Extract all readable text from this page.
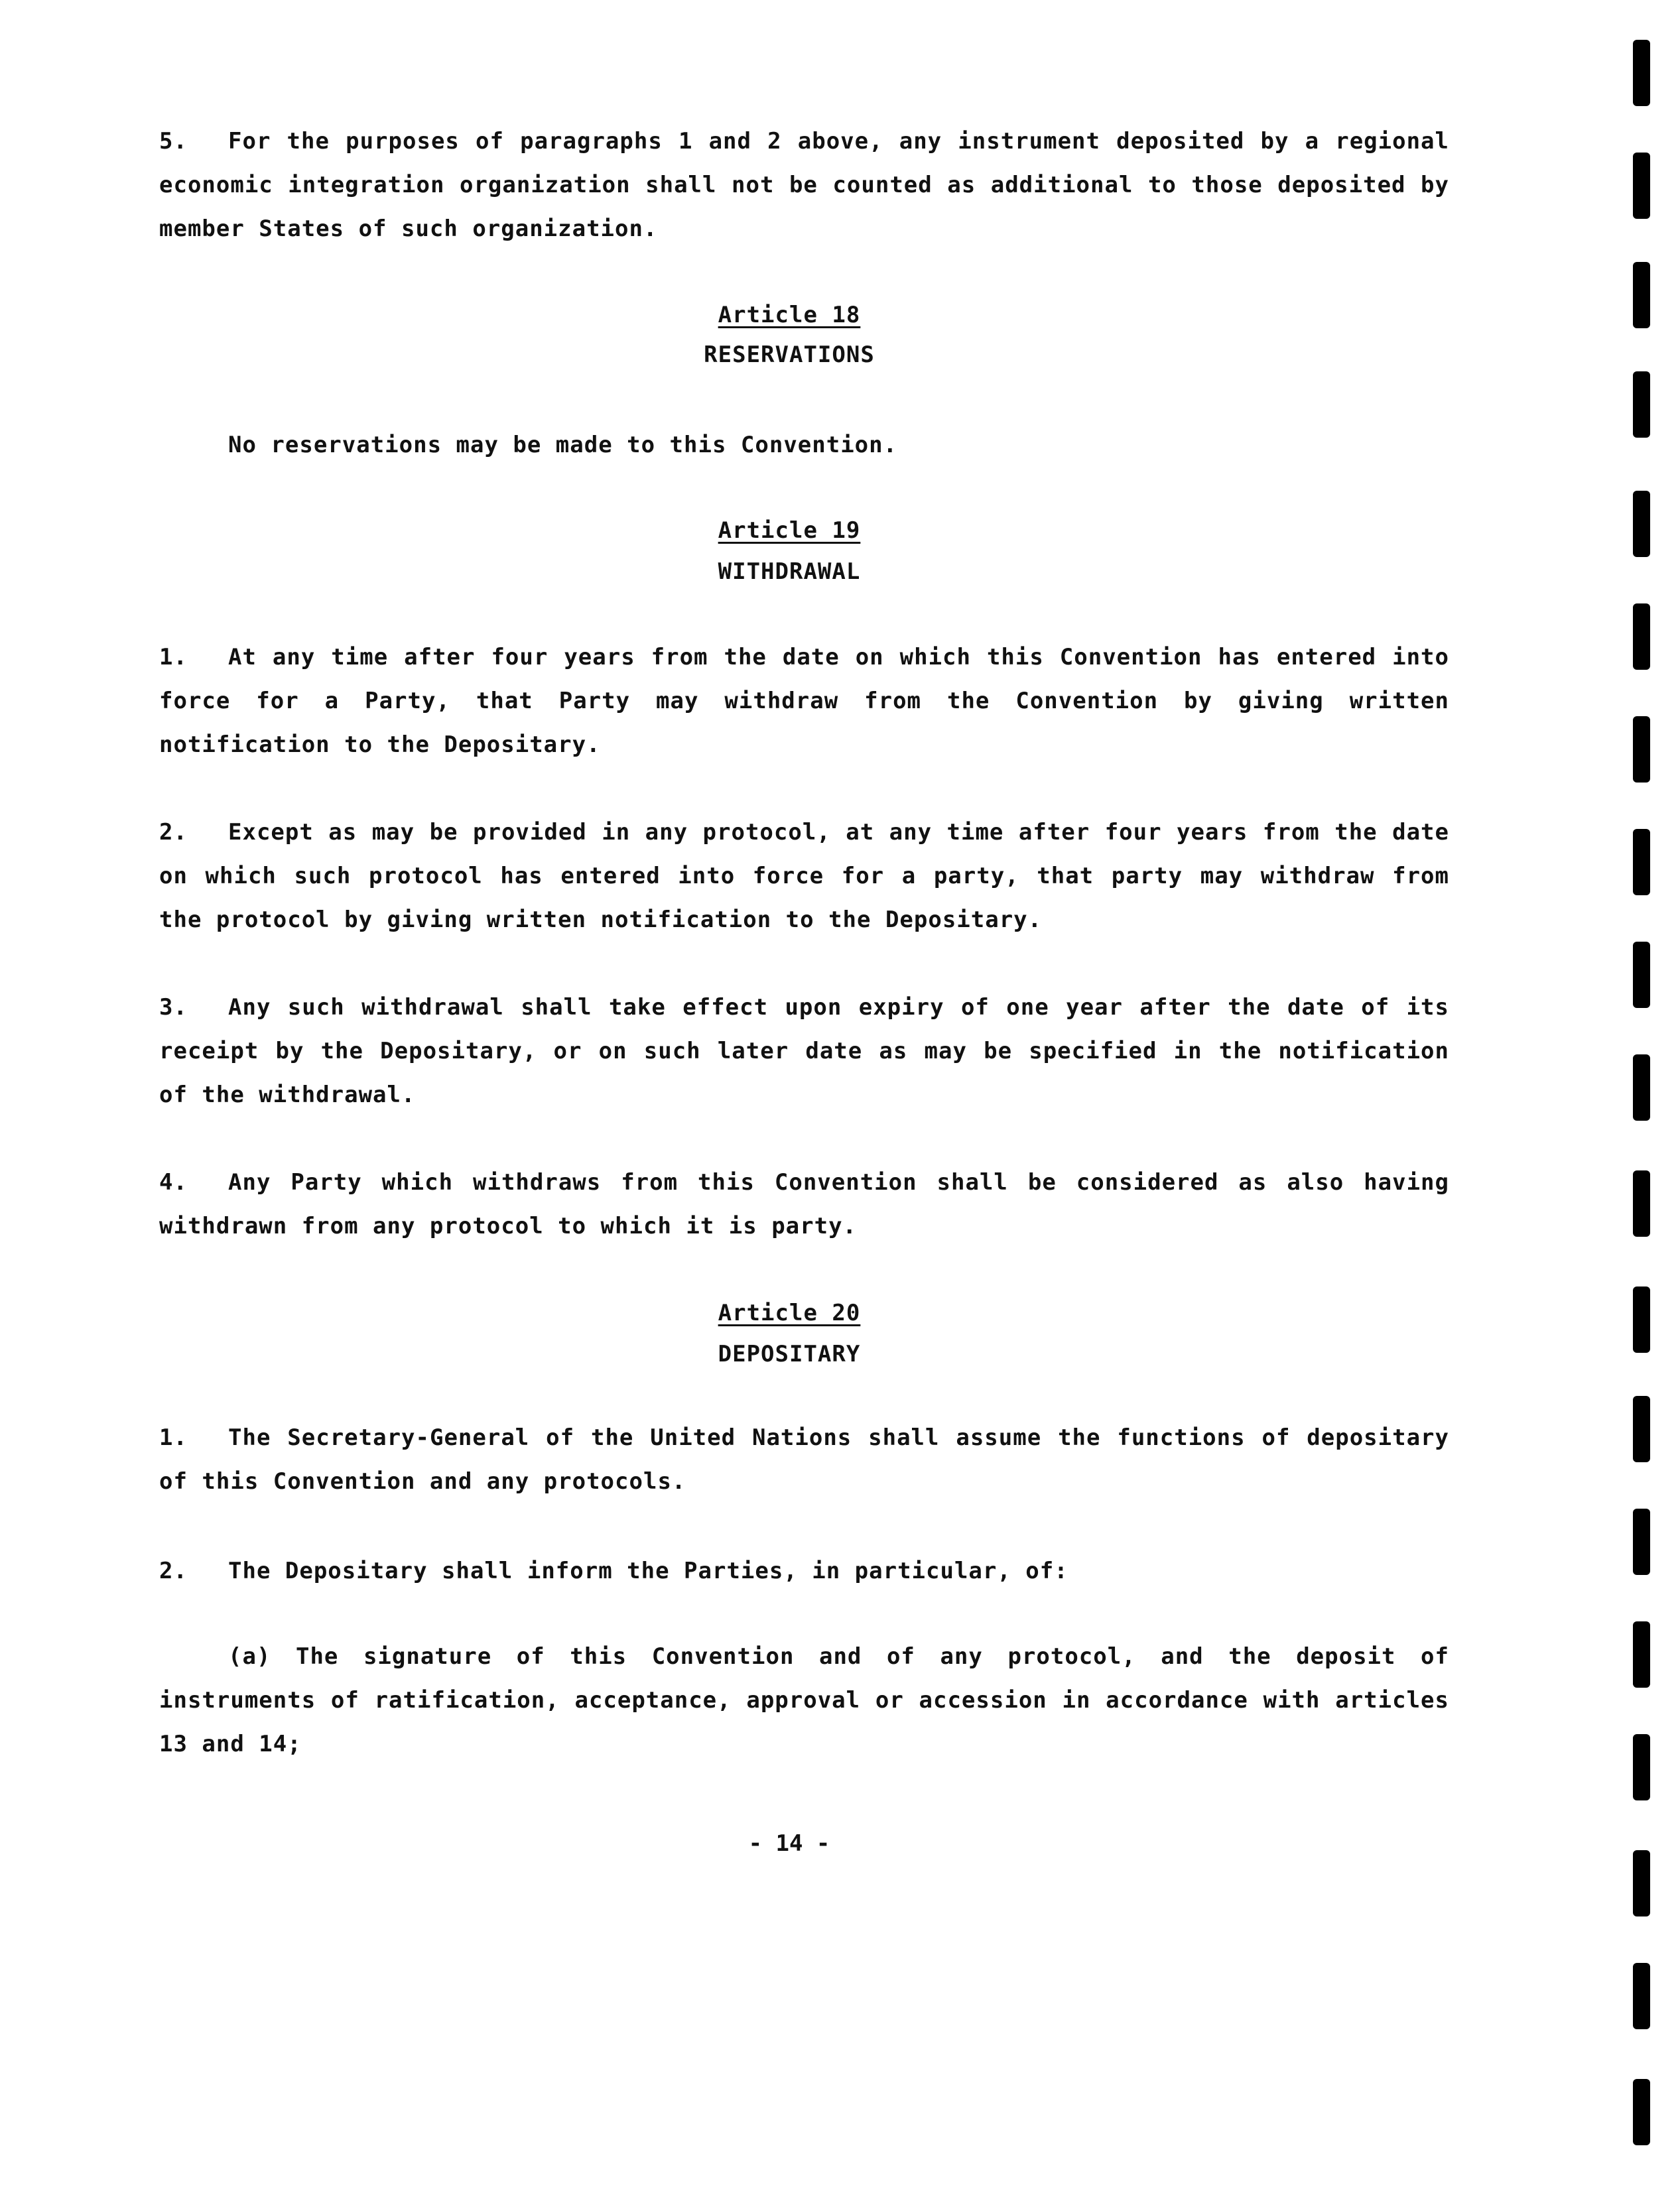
5. For the purposes of paragraphs 1 and 2 above, any instrument deposited by a regional economic integration organization shall not be counted as additional to those deposited by member States of such organization.

Article 18
RESERVATIONS

No reservations may be made to this Convention.

Article 19
WITHDRAWAL

1. At any time after four years from the date on which this Convention has entered into force for a Party, that Party may withdraw from the Convention by giving written notification to the Depositary.

2. Except as may be provided in any protocol, at any time after four years from the date on which such protocol has entered into force for a party, that party may withdraw from the protocol by giving written notification to the Depositary.

3. Any such withdrawal shall take effect upon expiry of one year after the date of its receipt by the Depositary, or on such later date as may be specified in the notification of the withdrawal.

4. Any Party which withdraws from this Convention shall be considered as also having withdrawn from any protocol to which it is party.

Article 20
DEPOSITARY

1. The Secretary-General of the United Nations shall assume the functions of depositary of this Convention and any protocols.

2. The Depositary shall inform the Parties, in particular, of:

(a) The signature of this Convention and of any protocol, and the deposit of instruments of ratification, acceptance, approval or accession in accordance with articles 13 and 14;

- 14 -
